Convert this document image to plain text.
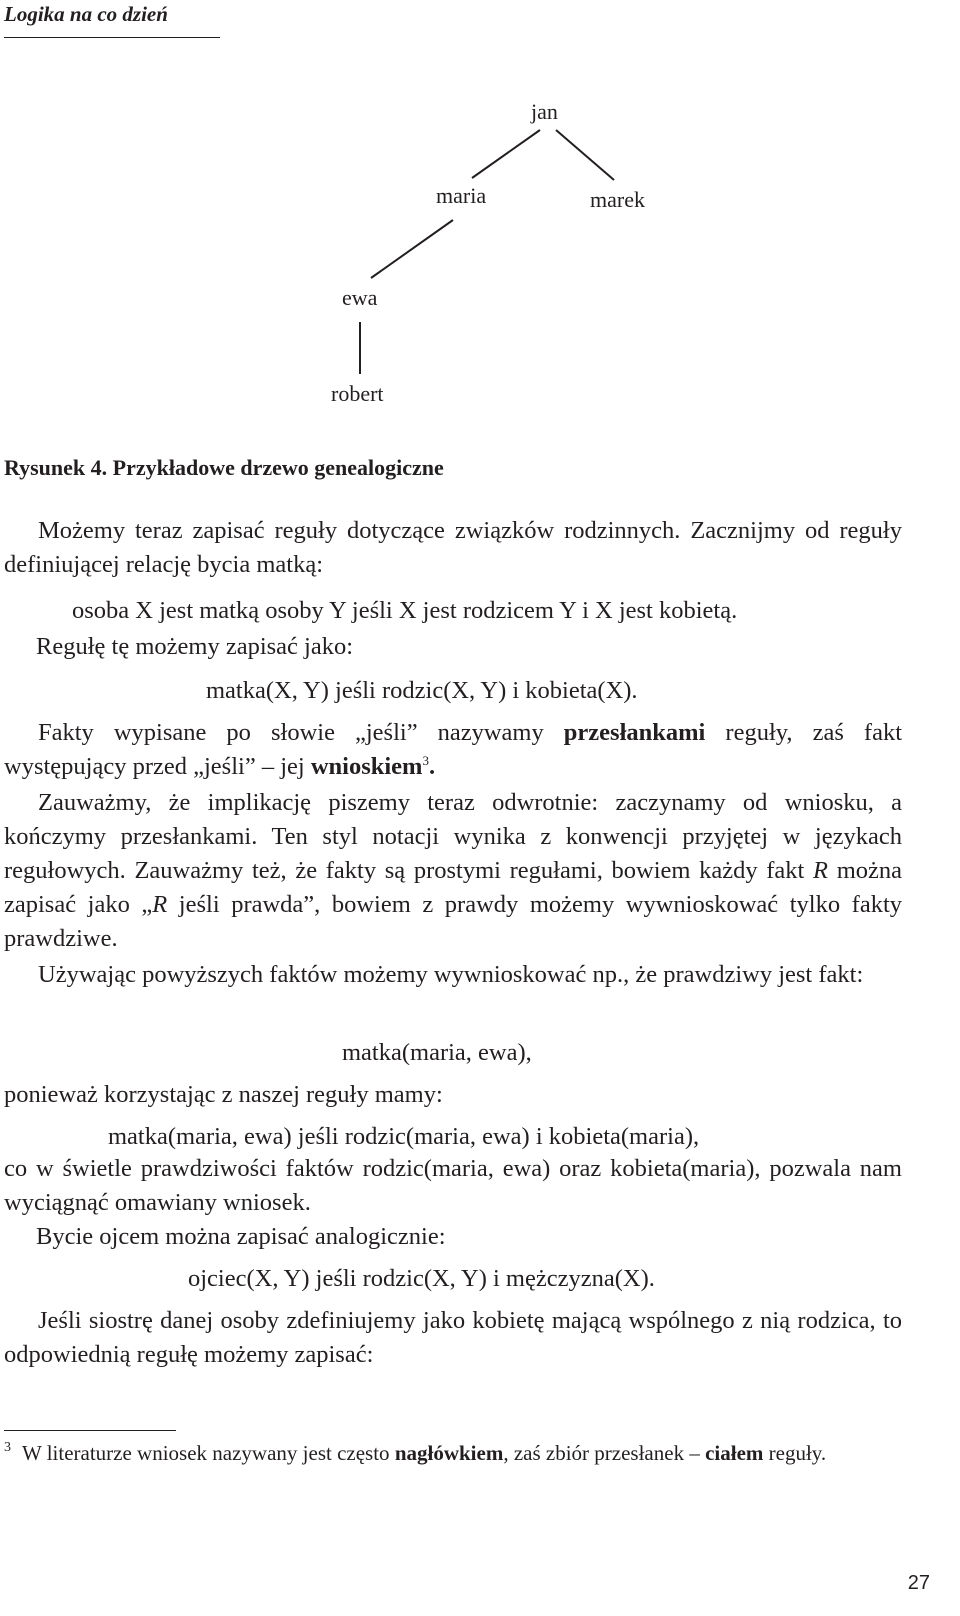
Logika na co dzień
jan
maria	marek
ewa
robert
Rysunek 4. Przykładowe drzewo genealogiczne

Możemy teraz zapisać reguły dotyczące związków rodzinnych. Zacznijmy od reguły definiującej relację bycia matką:

osoba X jest matką osoby Y jeśli X jest rodzicem Y i X jest kobietą.
Regułę tę możemy zapisać jako:
matka(X, Y) jeśli rodzic(X, Y) i kobieta(X).

Fakty wypisane po słowie „jeśli” nazywamy przesłankami reguły, zaś fakt występujący przed „jeśli” – jej wnioskiem$^3$.

Zauważmy, że implikację piszemy teraz odwrotnie: zaczynamy od wniosku, a kończymy przesłankami. Ten styl notacji wynika z konwencji przyjętej w językach regułowych. Zauważmy też, że fakty są prostymi regułami, bowiem każdy fakt R można zapisać jako „R jeśli prawda”, bowiem z prawdy możemy wywnioskować tylko fakty prawdziwe.

Używając powyższych faktów możemy wywnioskować np., że prawdziwy jest fakt:

matka(maria, ewa),
ponieważ korzystając z naszej reguły mamy:
matka(maria, ewa) jeśli rodzic(maria, ewa) i kobieta(maria),

co w świetle prawdziwości faktów rodzic(maria, ewa) oraz kobieta(maria), pozwala nam wyciągnąć omawiany wniosek.

Bycie ojcem można zapisać analogicznie:
ojciec(X, Y) jeśli rodzic(X, Y) i mężczyzna(X).

Jeśli siostrę danej osoby zdefiniujemy jako kobietę mającą wspólnego z nią rodzica, to odpowiednią regułę możemy zapisać:

3 W literaturze wniosek nazywany jest często nagłówkiem, zaś zbiór przesłanek – ciałem reguły.

27
